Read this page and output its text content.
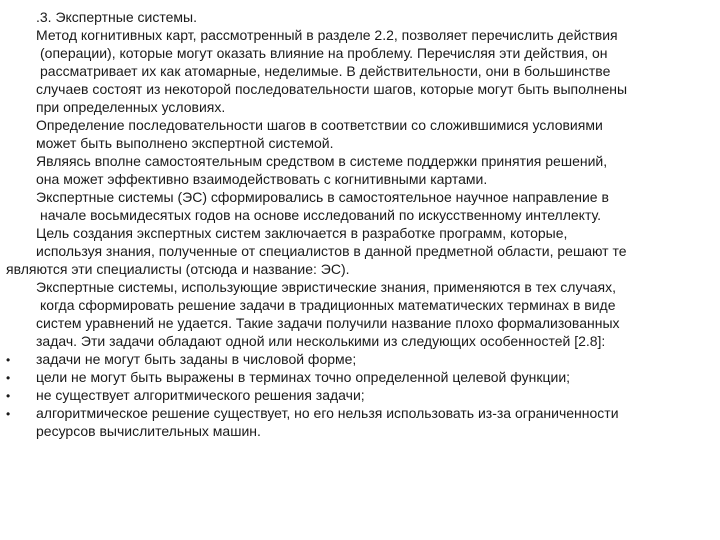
.3. Экспертные системы.
Метод когнитивных карт, рассмотренный в разделе 2.2, позволяет перечислить действия
(операции), которые могут оказать влияние на проблему. Перечисляя эти действия, он
рассматривает их как атомарные, неделимые. В действительности, они в большинстве
случаев состоят из некоторой последовательности шагов, которые могут быть выполнены
при определенных условиях.
Определение последовательности шагов в соответствии со сложившимися условиями
может быть выполнено экспертной системой.
Являясь вполне самостоятельным средством в системе поддержки принятия решений,
она может эффективно взаимодействовать с когнитивными картами.
Экспертные системы (ЭС) сформировались в самостоятельное научное направление в
начале восьмидесятых годов на основе исследований по искусственному интеллекту.
Цель создания экспертных систем заключается в разработке программ, которые,
используя знания, полученные от специалистов в данной предметной области, решают те
являются эти специалисты (отсюда и название: ЭС).
Экспертные системы, использующие эвристические знания, применяются в тех случаях,
когда сформировать решение задачи в традиционных математических терминах в виде
систем уравнений не удается. Такие задачи получили название плохо формализованных
задач. Эти задачи обладают одной или несколькими из следующих особенностей [2.8]:
• задачи не могут быть заданы в числовой форме;
• цели не могут быть выражены в терминах точно определенной целевой функции;
• не существует алгоритмического решения задачи;
• алгоритмическое решение существует, но его нельзя использовать из-за ограниченности
ресурсов вычислительных машин.
